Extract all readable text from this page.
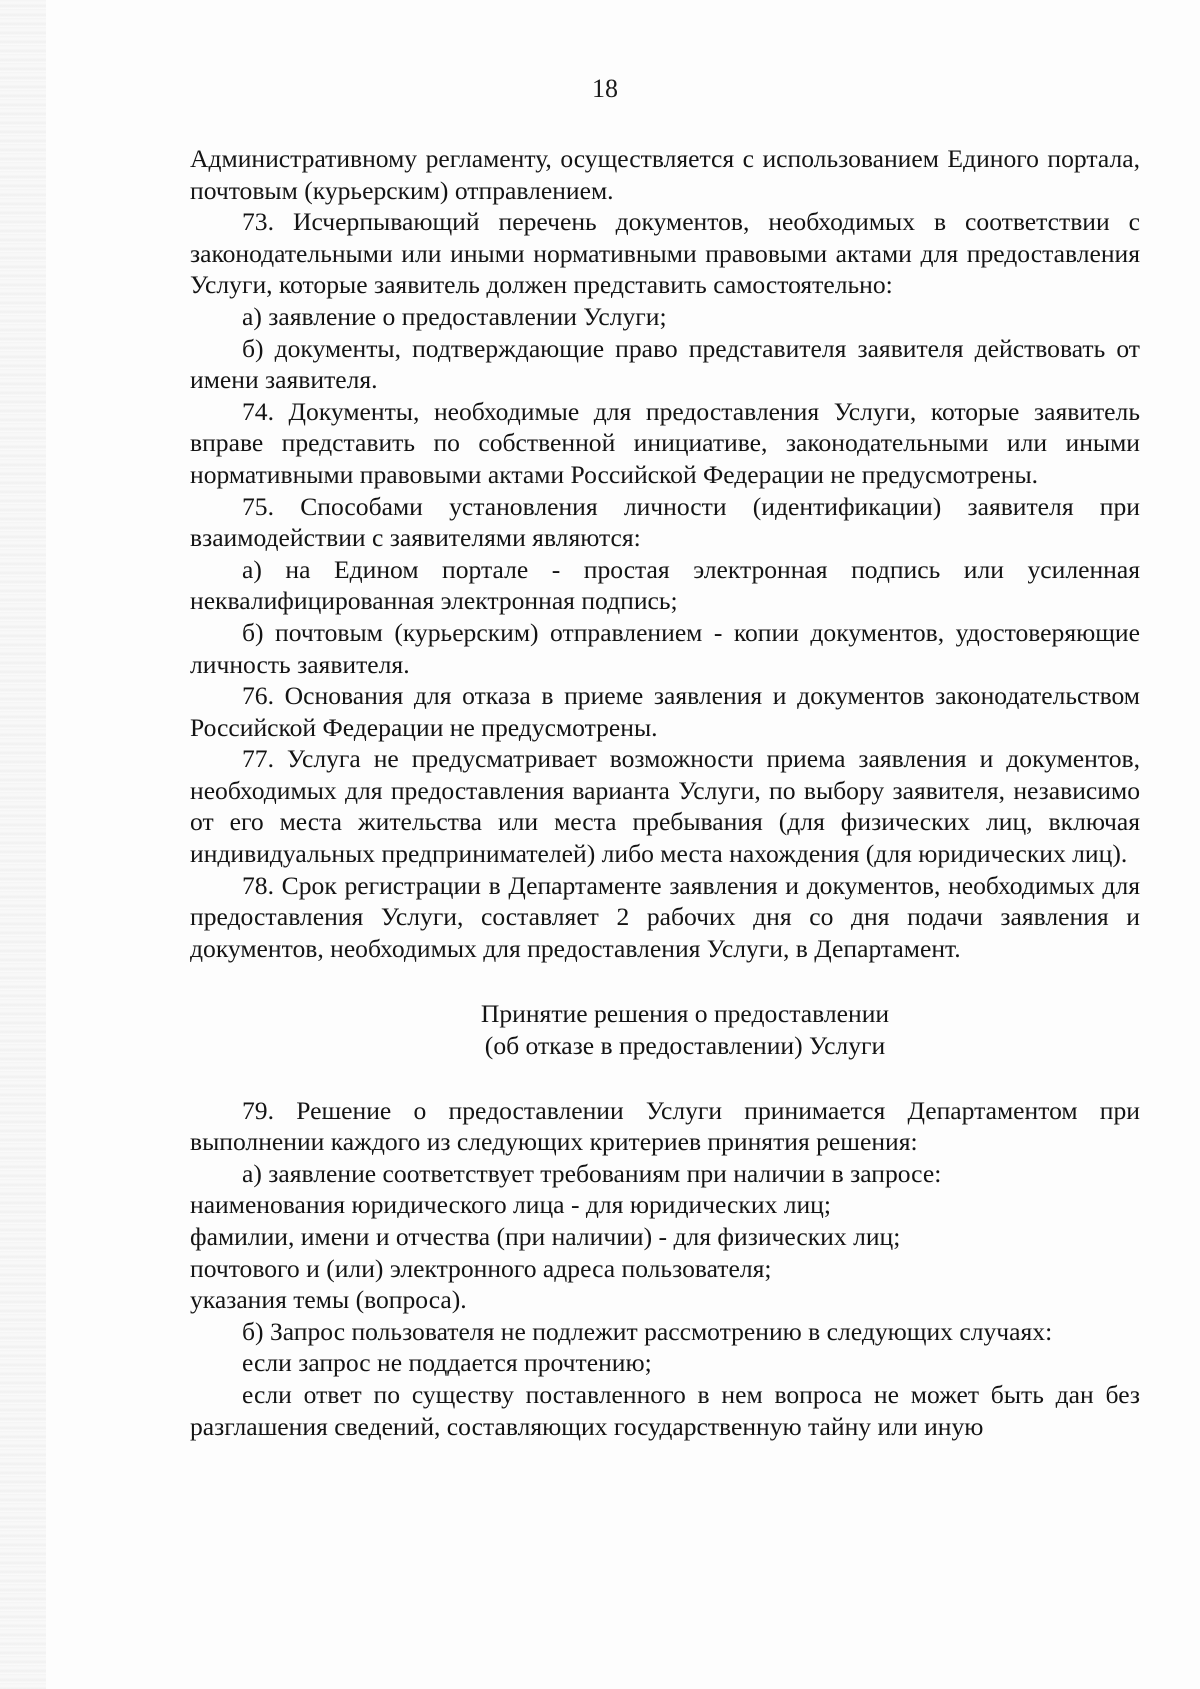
18

Административному регламенту, осуществляется с использованием Единого портала, почтовым (курьерским) отправлением.

73. Исчерпывающий перечень документов, необходимых в соответствии с законодательными или иными нормативными правовыми актами для предоставления Услуги, которые заявитель должен представить самостоятельно:

а) заявление о предоставлении Услуги;

б) документы, подтверждающие право представителя заявителя действовать от имени заявителя.

74. Документы, необходимые для предоставления Услуги, которые заявитель вправе представить по собственной инициативе, законодательными или иными нормативными правовыми актами Российской Федерации не предусмотрены.

75. Способами установления личности (идентификации) заявителя при взаимодействии с заявителями являются:

а) на Едином портале - простая электронная подпись или усиленная неквалифицированная электронная подпись;

б) почтовым (курьерским) отправлением - копии документов, удостоверяющие личность заявителя.

76. Основания для отказа в приеме заявления и документов законодательством Российской Федерации не предусмотрены.

77. Услуга не предусматривает возможности приема заявления и документов, необходимых для предоставления варианта Услуги, по выбору заявителя, независимо от его места жительства или места пребывания (для физических лиц, включая индивидуальных предпринимателей) либо места нахождения (для юридических лиц).

78. Срок регистрации в Департаменте заявления и документов, необходимых для предоставления Услуги, составляет 2 рабочих дня со дня подачи заявления и документов, необходимых для предоставления Услуги, в Департамент.

Принятие решения о предоставлении

(об отказе в предоставлении) Услуги

79. Решение о предоставлении Услуги принимается Департаментом при выполнении каждого из следующих критериев принятия решения:

а) заявление соответствует требованиям при наличии в запросе:

наименования юридического лица - для юридических лиц;

фамилии, имени и отчества (при наличии) - для физических лиц;

почтового и (или) электронного адреса пользователя;

указания темы (вопроса).

б) Запрос пользователя не подлежит рассмотрению в следующих случаях:

если запрос не поддается прочтению;

если ответ по существу поставленного в нем вопроса не может быть дан без разглашения сведений, составляющих государственную тайну или иную
